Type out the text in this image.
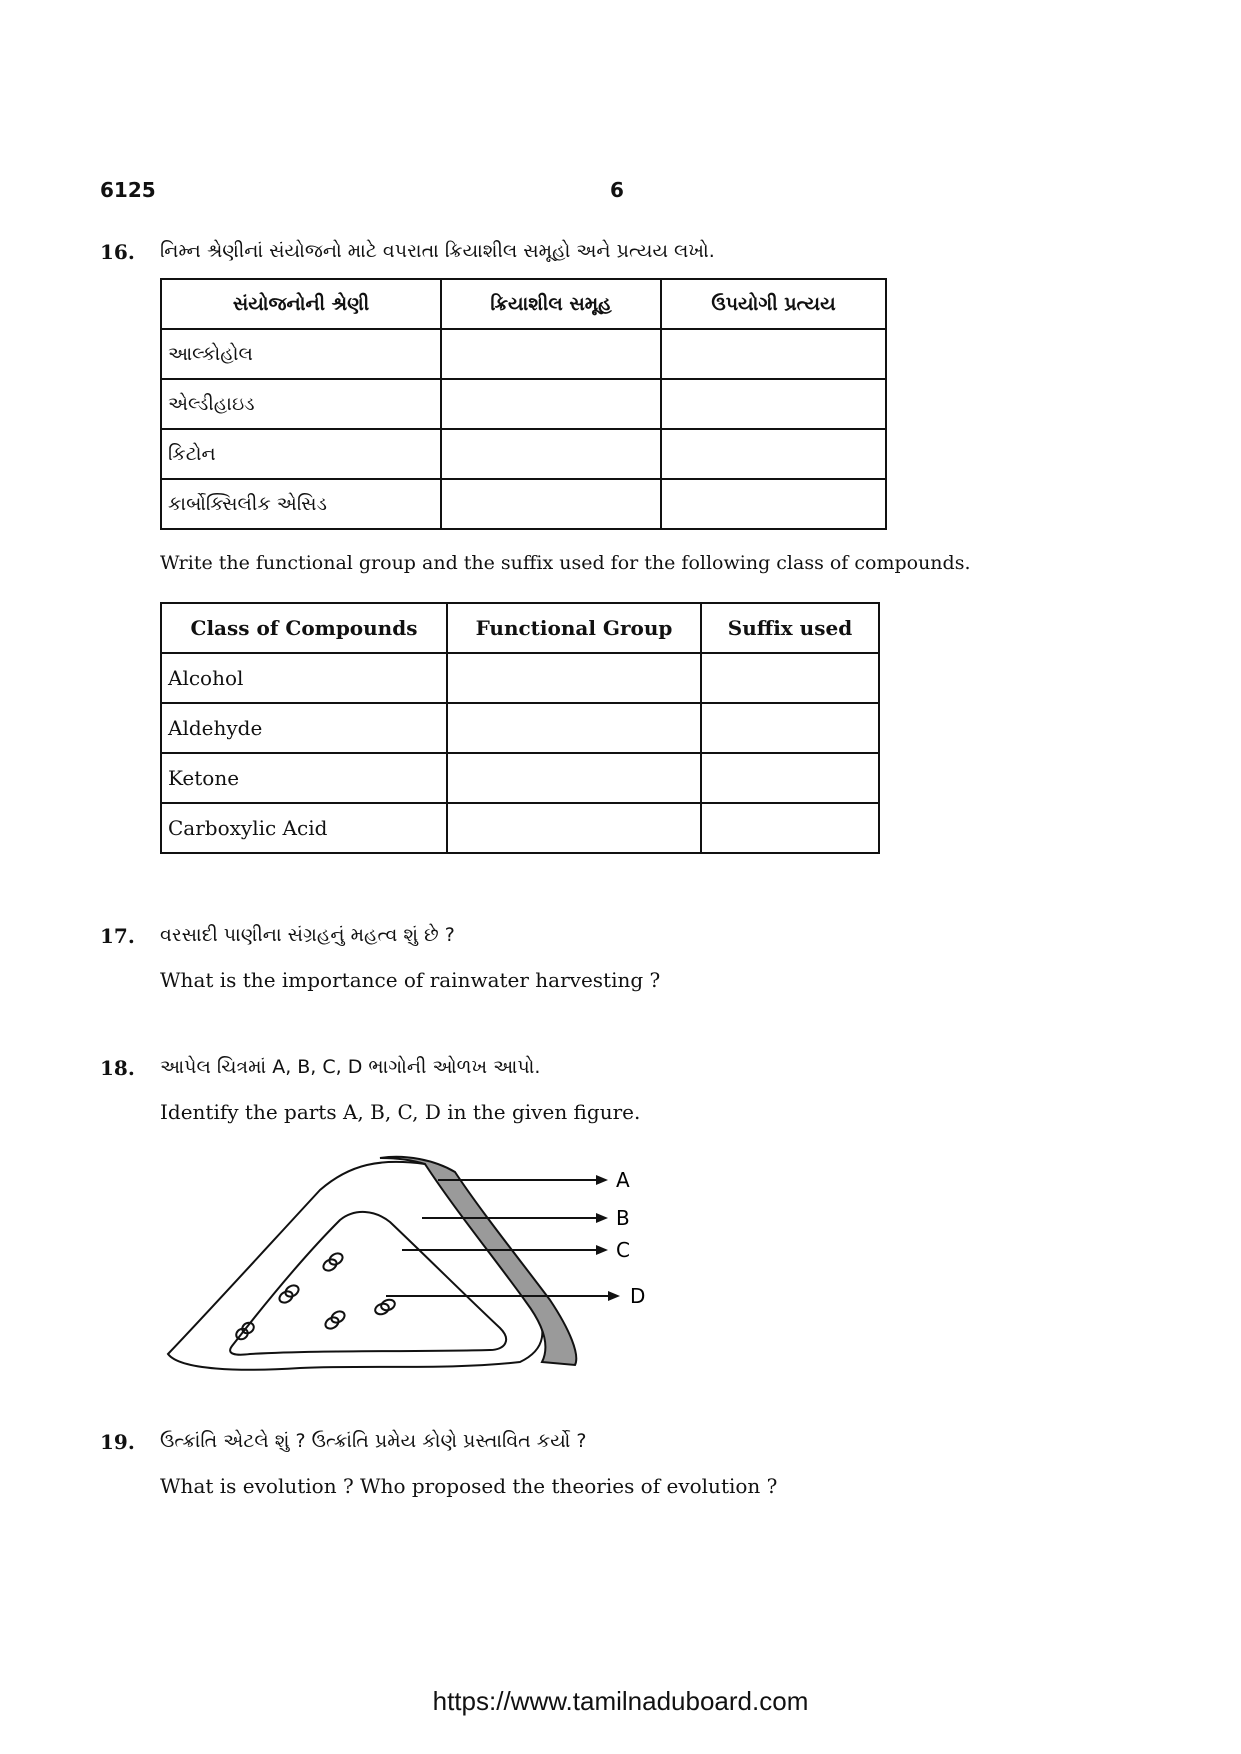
6125	6
16. નિમ્ન શ્રેણીનાં સંયોજનો માટે વપરાતા ક્રિયાશીલ સમૂહો અને પ્રત્યય લખો.
સંયોજનોની શ્રેણી	ક્રિયાશીલ સમૂહ	ઉપયોગી પ્રત્યય
આલ્કોહોલ		
એલ્ડીહાઇડ		
કિટોન		
કાર્બોક્સિલીક એસિડ		
Write the functional group and the suffix used for the following class of compounds.
Class of Compounds	Functional Group	Suffix used
Alcohol		
Aldehyde		
Ketone		
Carboxylic Acid		
17. વરસાદી પાણીના સંગ્રહનું મહત્વ શું છે ?
What is the importance of rainwater harvesting ?
18. આપેલ ચિત્રમાં A, B, C, D ભાગોની ઓળખ આપો.
Identify the parts A, B, C, D in the given figure.
A
B
C
D
19. ઉત્ક્રાંતિ એટલે શું ? ઉત્ક્રાંતિ પ્રમેય કોણે પ્રસ્તાવિત કર્યો ?
What is evolution ? Who proposed the theories of evolution ?
https://www.tamilnaduboard.com
